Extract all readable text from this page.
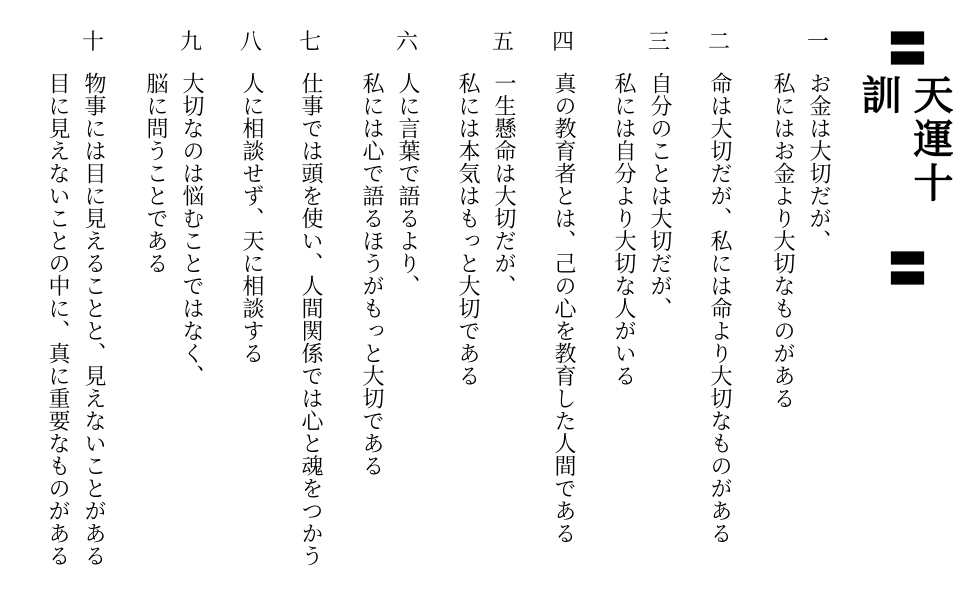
〓
天運十訓
〓
一
お金は大切だが、
私にはお金より大切なものがある
二
命は大切だが、私には命より大切なものがある
三
自分のことは大切だが、
私には自分より大切な人がいる
四
真の教育者とは、己の心を教育した人間である
五
一生懸命は大切だが、
私には本気はもっと大切である
六
人に言葉で語るより、
私には心で語るほうがもっと大切である
七
仕事では頭を使い、人間関係では心と魂をつかう
八
人に相談せず、天に相談する
九
大切なのは悩むことではなく、
脳に問うことである
十
物事には目に見えることと、見えないことがある
目に見えないことの中に、真に重要なものがある
